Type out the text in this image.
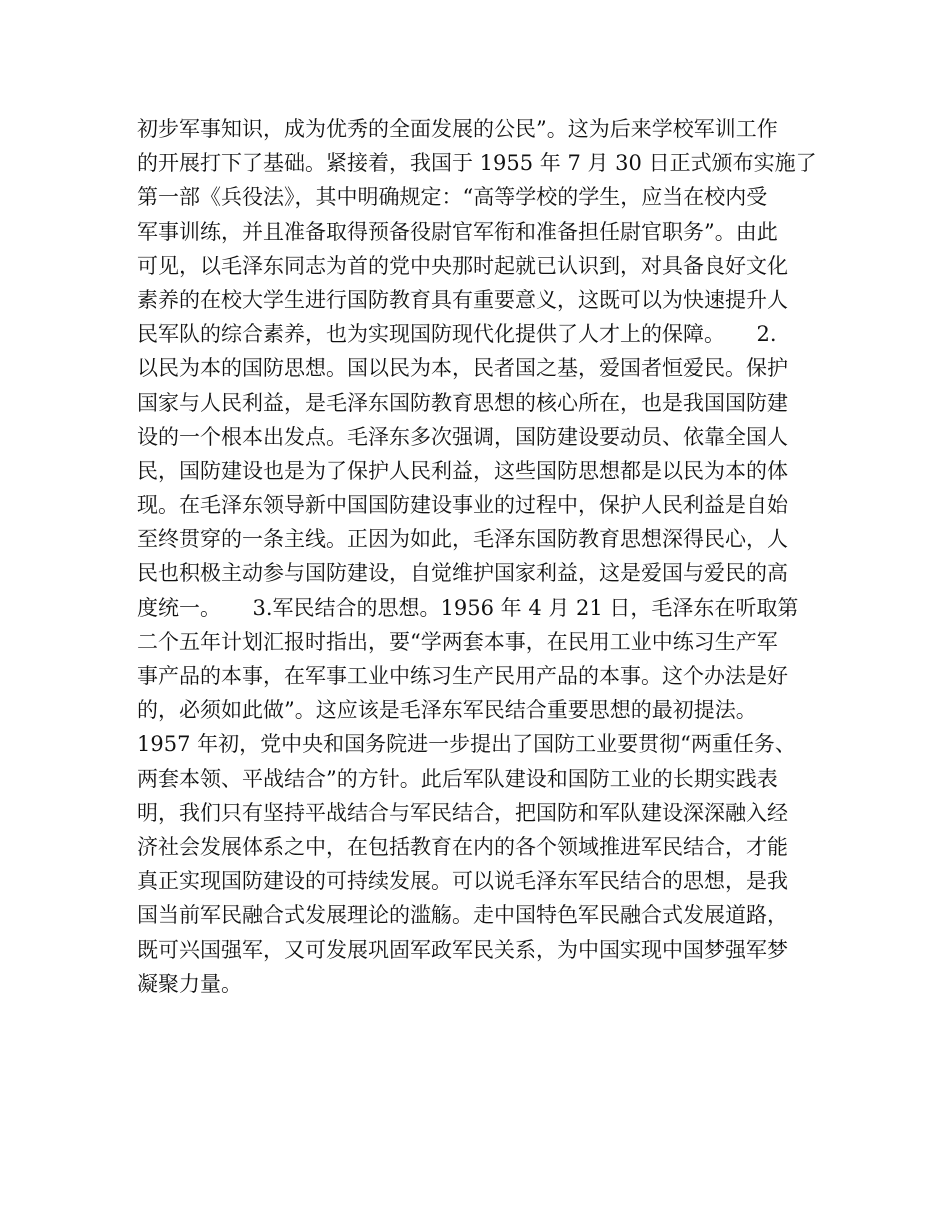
初步军事知识，成为优秀的全面发展的公民”。这为后来学校军训工作
的开展打下了基础。紧接着，我国于 1955 年 7 月 30 日正式颁布实施了
第一部《兵役法》，其中明确规定：“高等学校的学生，应当在校内受
军事训练，并且准备取得预备役尉官军衔和准备担任尉官职务”。由此
可见，以毛泽东同志为首的党中央那时起就已认识到，对具备良好文化
素养的在校大学生进行国防教育具有重要意义，这既可以为快速提升人
民军队的综合素养，也为实现国防现代化提供了人才上的保障。　　2.
以民为本的国防思想。国以民为本，民者国之基，爱国者恒爱民。保护
国家与人民利益，是毛泽东国防教育思想的核心所在，也是我国国防建
设的一个根本出发点。毛泽东多次强调，国防建设要动员、依靠全国人
民，国防建设也是为了保护人民利益，这些国防思想都是以民为本的体
现。在毛泽东领导新中国国防建设事业的过程中，保护人民利益是自始
至终贯穿的一条主线。正因为如此，毛泽东国防教育思想深得民心，人
民也积极主动参与国防建设，自觉维护国家利益，这是爱国与爱民的高
度统一。　　3.军民结合的思想。1956 年 4 月 21 日，毛泽东在听取第
二个五年计划汇报时指出，要“学两套本事，在民用工业中练习生产军
事产品的本事，在军事工业中练习生产民用产品的本事。这个办法是好
的，必须如此做”。这应该是毛泽东军民结合重要思想的最初提法。
1957 年初，党中央和国务院进一步提出了国防工业要贯彻“两重任务、
两套本领、平战结合”的方针。此后军队建设和国防工业的长期实践表
明，我们只有坚持平战结合与军民结合，把国防和军队建设深深融入经
济社会发展体系之中，在包括教育在内的各个领域推进军民结合，才能
真正实现国防建设的可持续发展。可以说毛泽东军民结合的思想，是我
国当前军民融合式发展理论的滥觞。走中国特色军民融合式发展道路，
既可兴国强军，又可发展巩固军政军民关系，为中国实现中国梦强军梦
凝聚力量。
